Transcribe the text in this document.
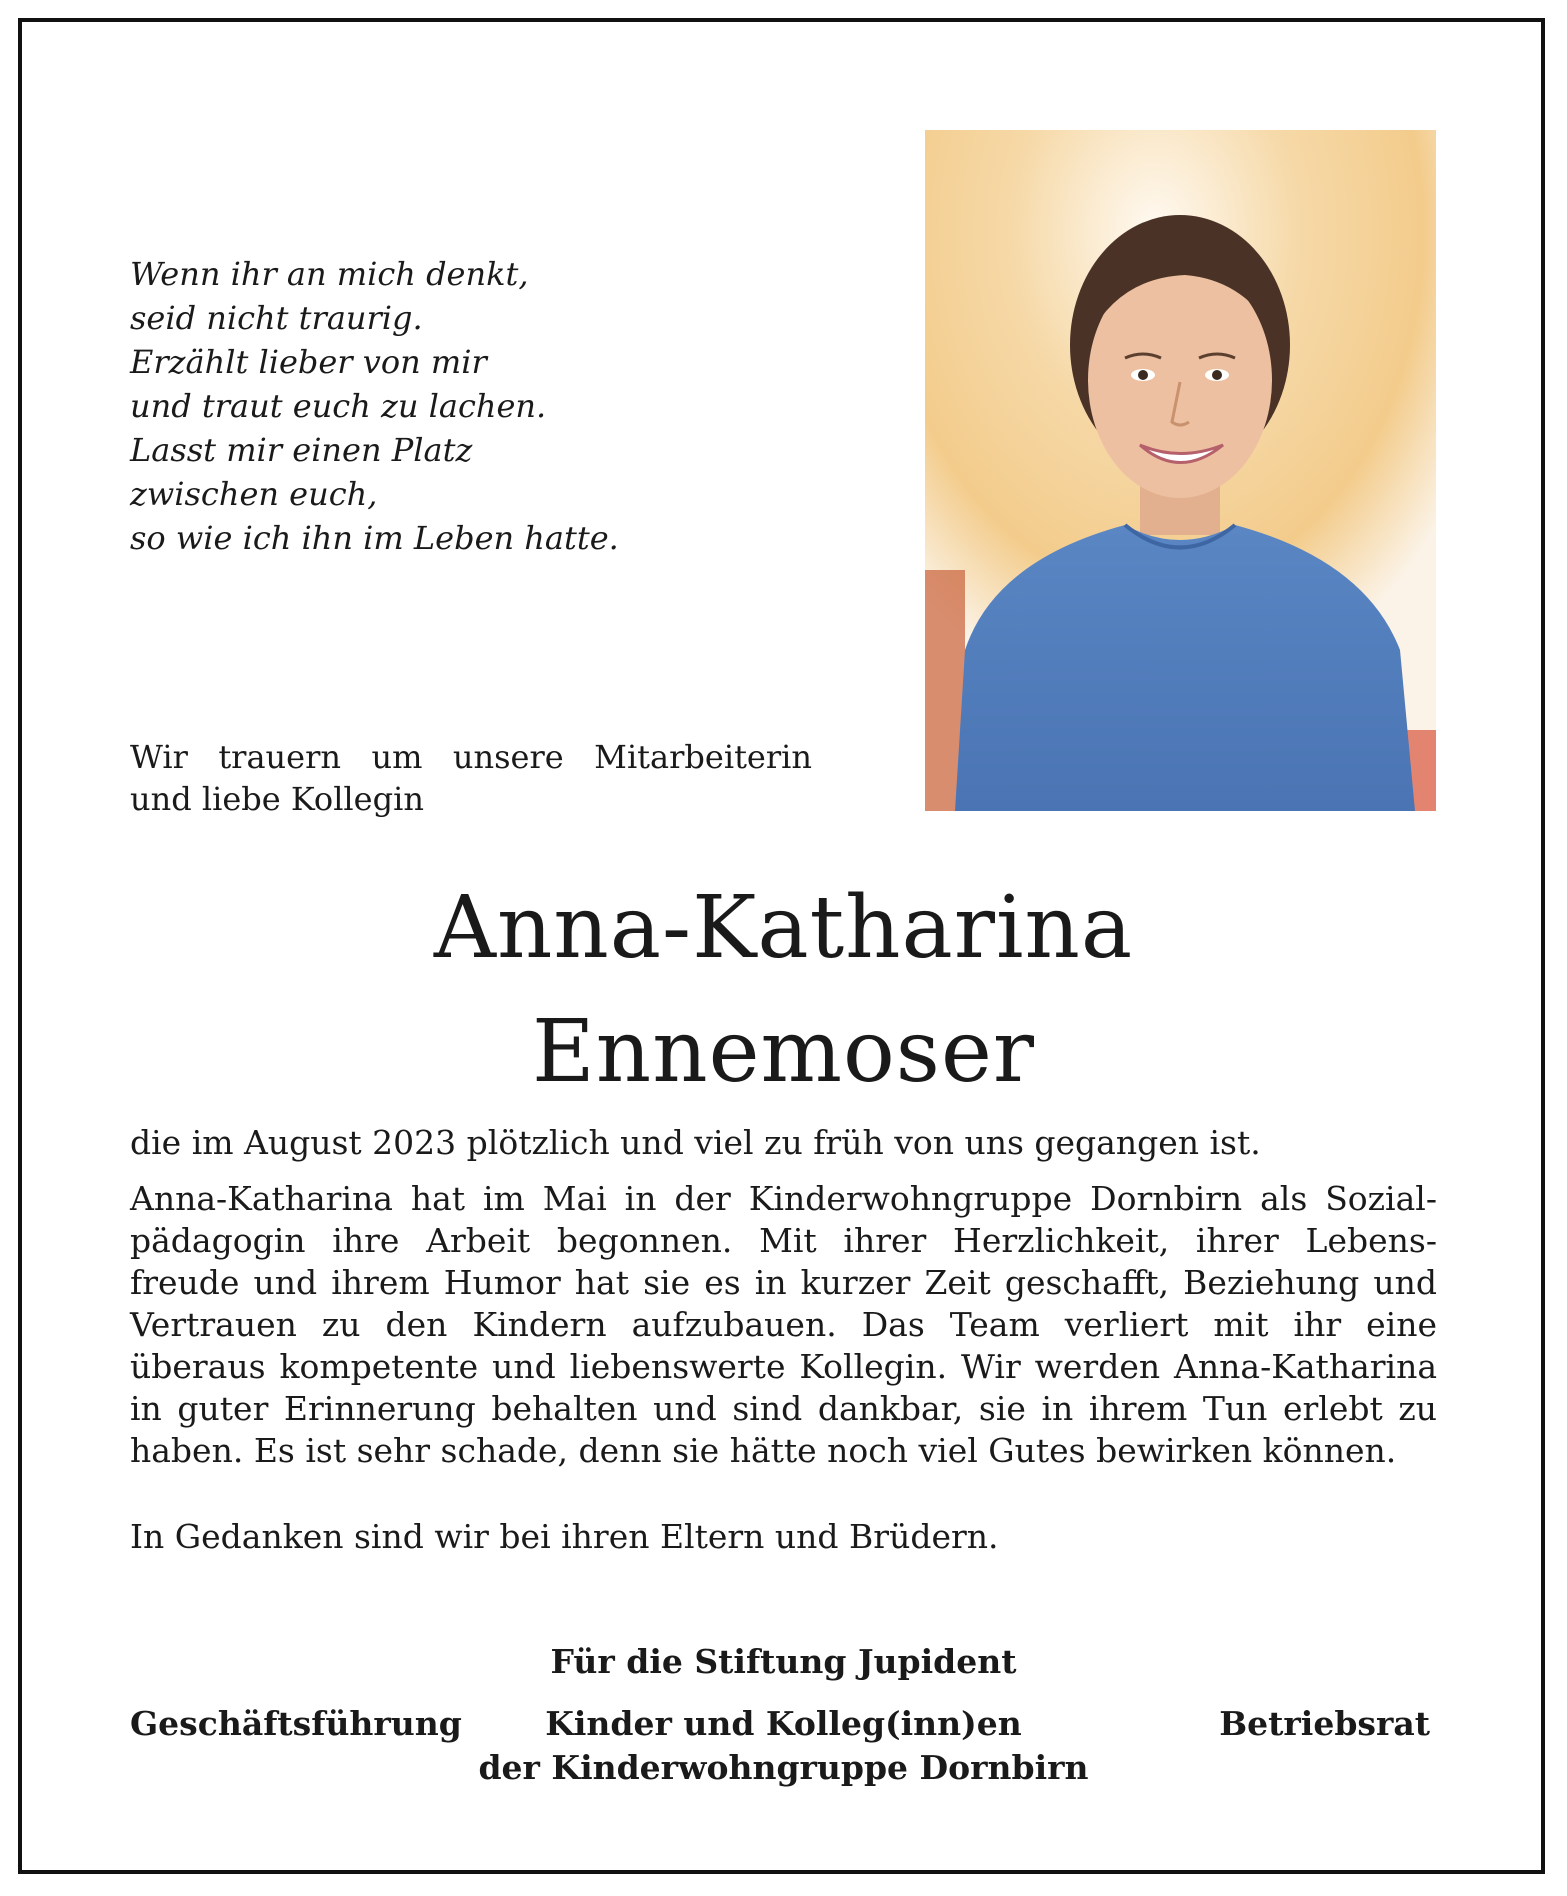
Wenn ihr an mich denkt,
seid nicht traurig.
Erzählt lieber von mir
und traut euch zu lachen.
Lasst mir einen Platz
zwischen euch,
so wie ich ihn im Leben hatte.
Wir trauern um unsere Mitarbeiterin
und liebe Kollegin
Anna-Katharina
Ennemoser
die im August 2023 plötzlich und viel zu früh von uns gegangen ist.
Anna-Katharina hat im Mai in der Kinderwohngruppe Dornbirn als Sozial-
pädagogin ihre Arbeit begonnen. Mit ihrer Herzlichkeit, ihrer Lebens-
freude und ihrem Humor hat sie es in kurzer Zeit geschafft, Beziehung und
Vertrauen zu den Kindern aufzubauen. Das Team verliert mit ihr eine
überaus kompetente und liebenswerte Kollegin. Wir werden Anna-Katharina
in guter Erinnerung behalten und sind dankbar, sie in ihrem Tun erlebt zu
haben. Es ist sehr schade, denn sie hätte noch viel Gutes bewirken können.
In Gedanken sind wir bei ihren Eltern und Brüdern.
Für die Stiftung Jupident
Geschäftsführung	Kinder und Kolleg(inn)en
der Kinderwohngruppe Dornbirn
Betriebsrat
